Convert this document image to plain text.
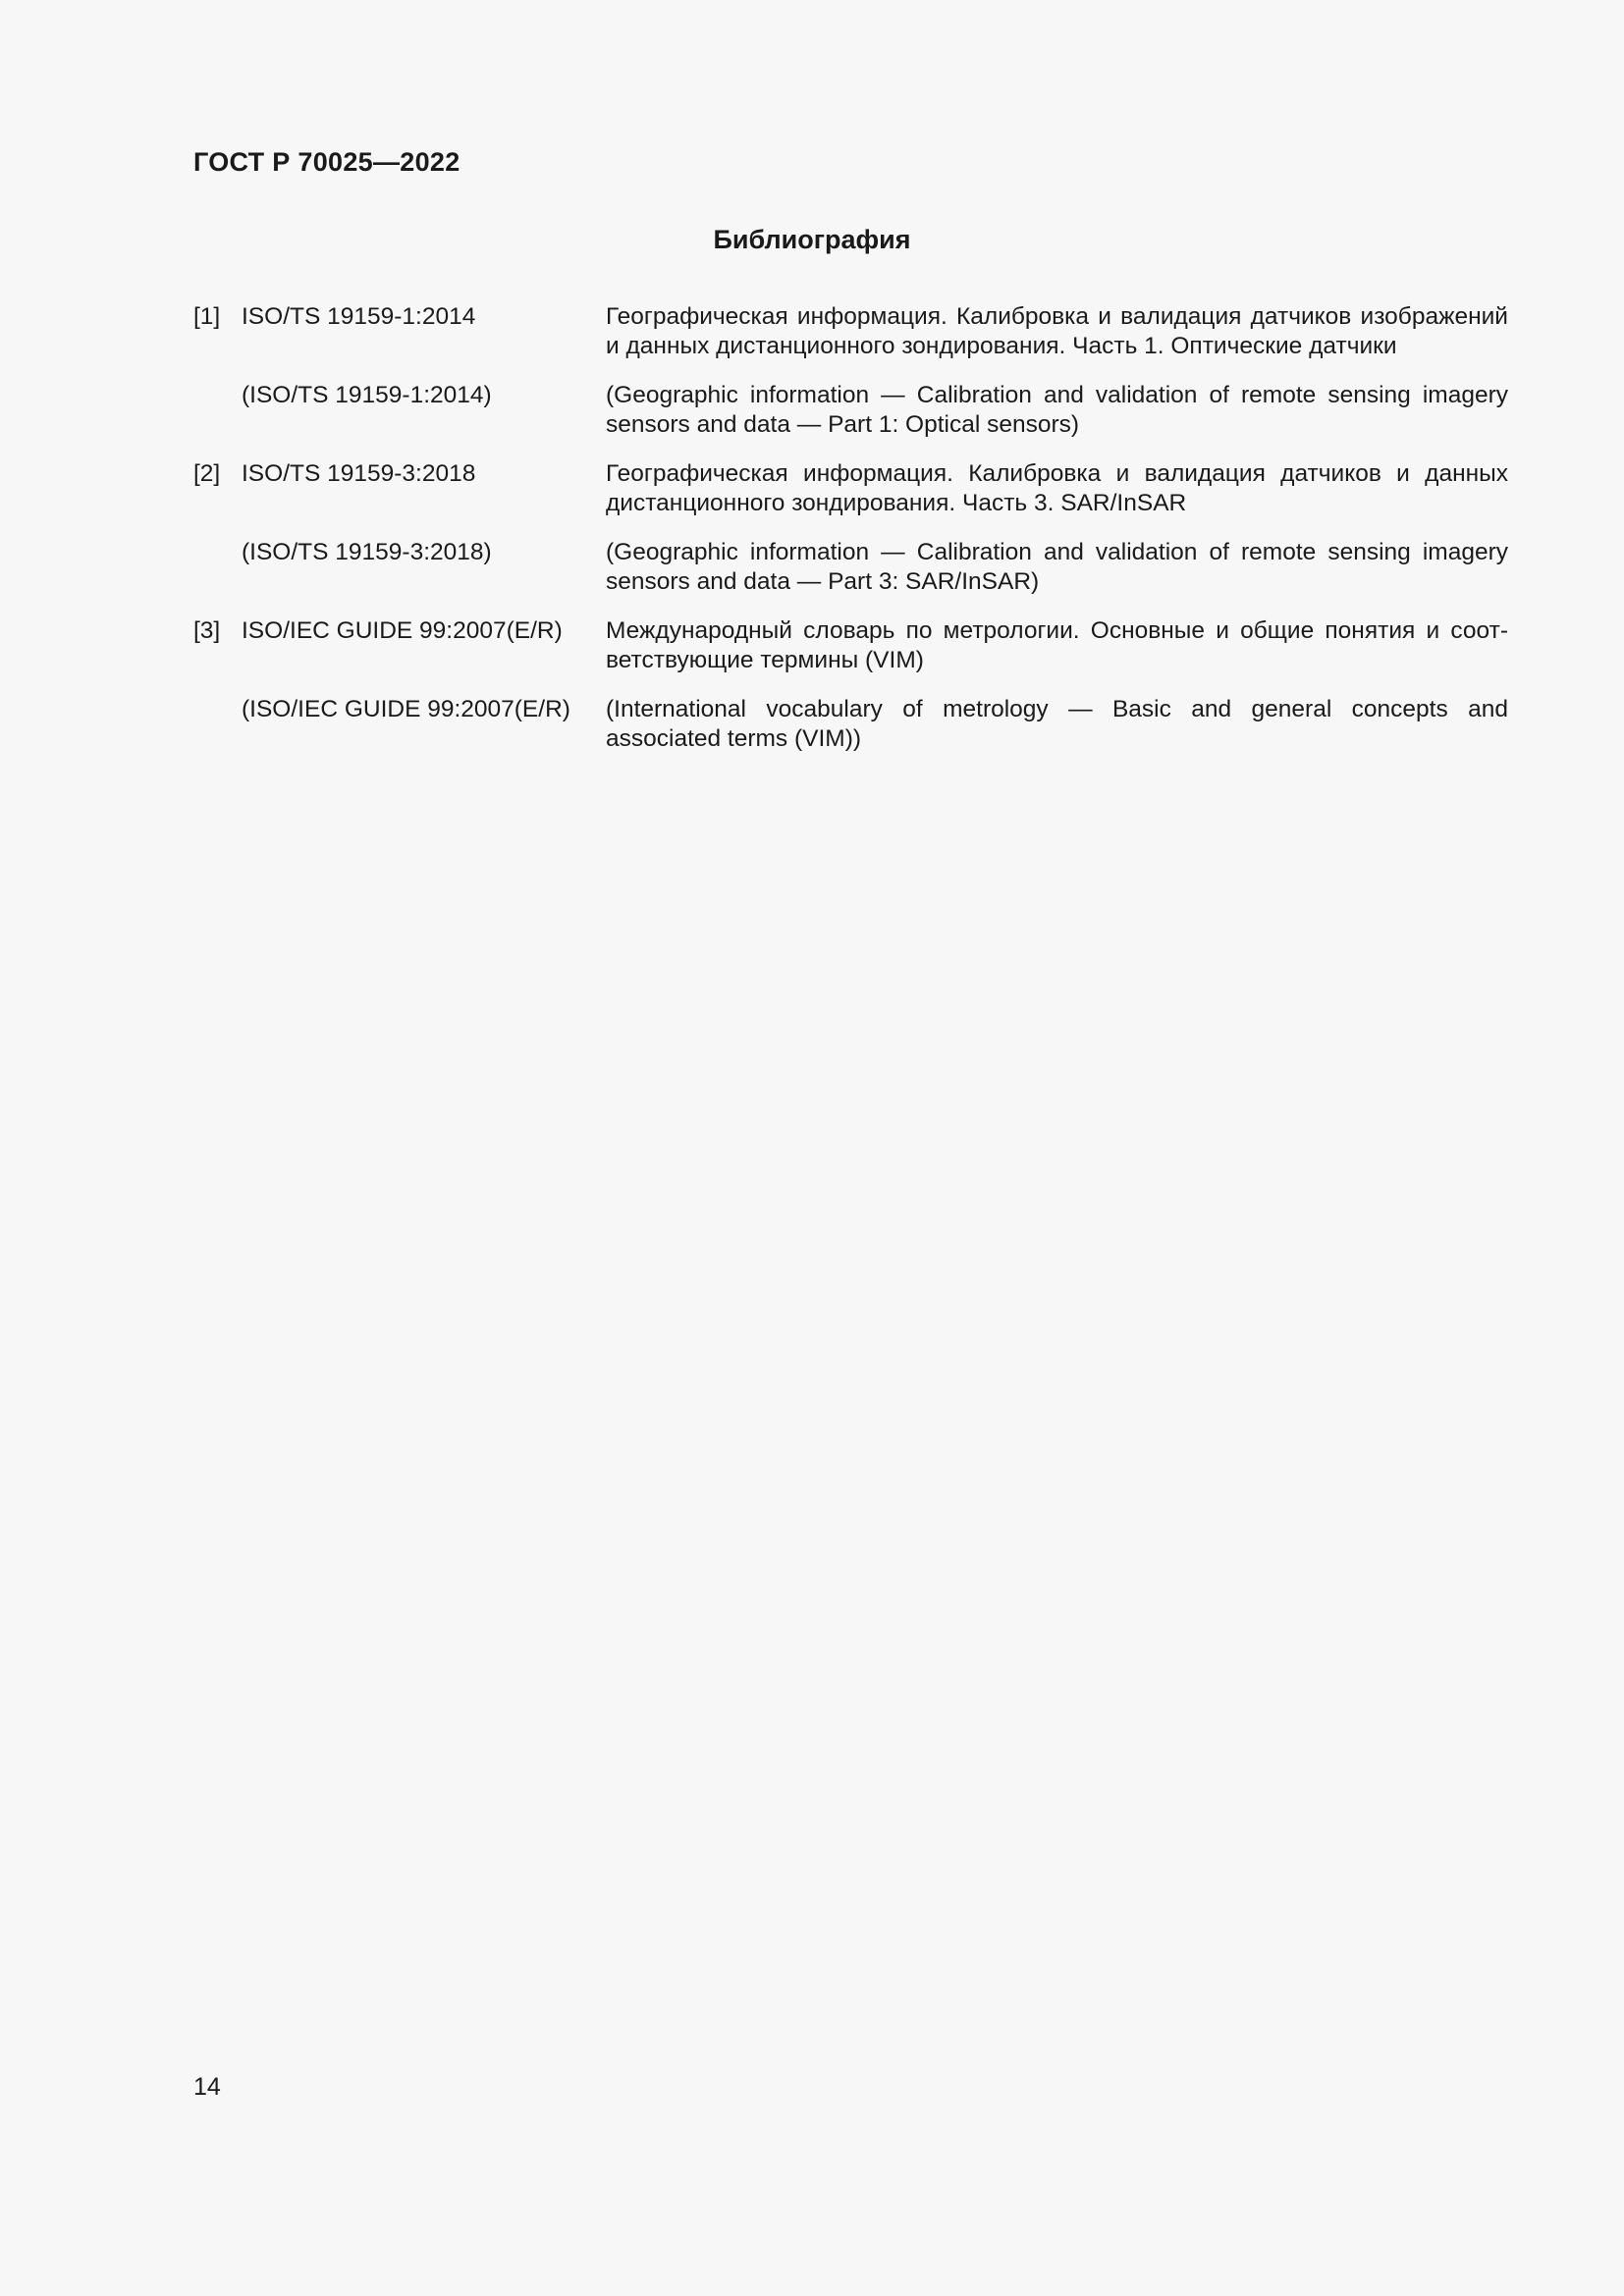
ГОСТ Р 70025—2022
Библиография
[1] ISO/TS 19159-1:2014	Географическая информация. Калибровка и валидация датчиков изображений и данных дистанционного зондирования. Часть 1. Оптические датчики
(ISO/TS 19159-1:2014)	(Geographic information — Calibration and validation of remote sensing imagery sensors and data — Part 1: Optical sensors)
[2] ISO/TS 19159-3:2018	Географическая информация. Калибровка и валидация датчиков и данных дистанционного зондирования. Часть 3. SAR/InSAR
(ISO/TS 19159-3:2018)	(Geographic information — Calibration and validation of remote sensing imagery sensors and data — Part 3: SAR/InSAR)
[3] ISO/IEC GUIDE 99:2007(E/R)	Международный словарь по метрологии. Основные и общие понятия и соответствующие термины (VIM)
(ISO/IEC GUIDE 99:2007(E/R)	(International vocabulary of metrology — Basic and general concepts and associated terms (VIM))
14
